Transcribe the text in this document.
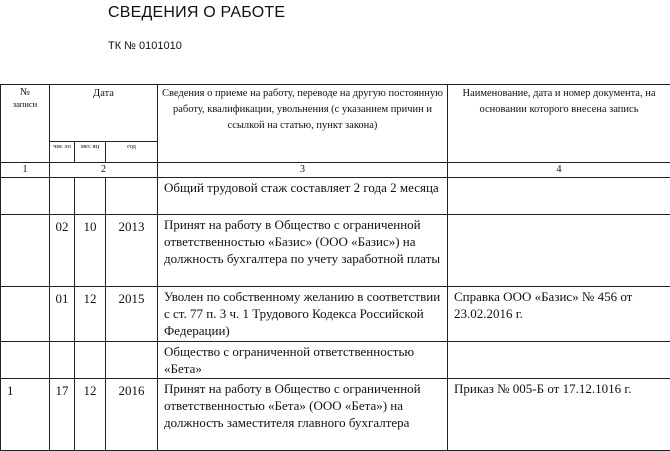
СВЕДЕНИЯ О РАБОТЕ
ТК № 0101010
№
записи	Дата			Сведения о приеме на работу, переводе на другую постоянную работу, квалификации, увольнения (с указанием причин и ссылкой на статью, пункт закона)	Наименование, дата и номер документа, на основании которого внесена запись
	чис ло	мес яц	год		
1	2			3	4
				Общий трудовой стаж составляет 2 года 2 месяца	
	02	10	2013	Принят на работу в Общество с ограниченной ответственностью «Базис» (ООО «Базис») на должность бухгалтера по учету заработной платы	
	01	12	2015	Уволен по собственному желанию в соответствии с ст. 77 п. 3 ч. 1 Трудового Кодекса Российской Федерации)	Справка ООО «Базис» № 456 от 23.02.2016 г.
				Общество с ограниченной ответственностью «Бета»	
1	17	12	2016	Принят на работу в Общество с ограниченной ответственностью «Бета» (ООО «Бета») на должность заместителя главного бухгалтера	Приказ № 005-Б от 17.12.1016 г.
